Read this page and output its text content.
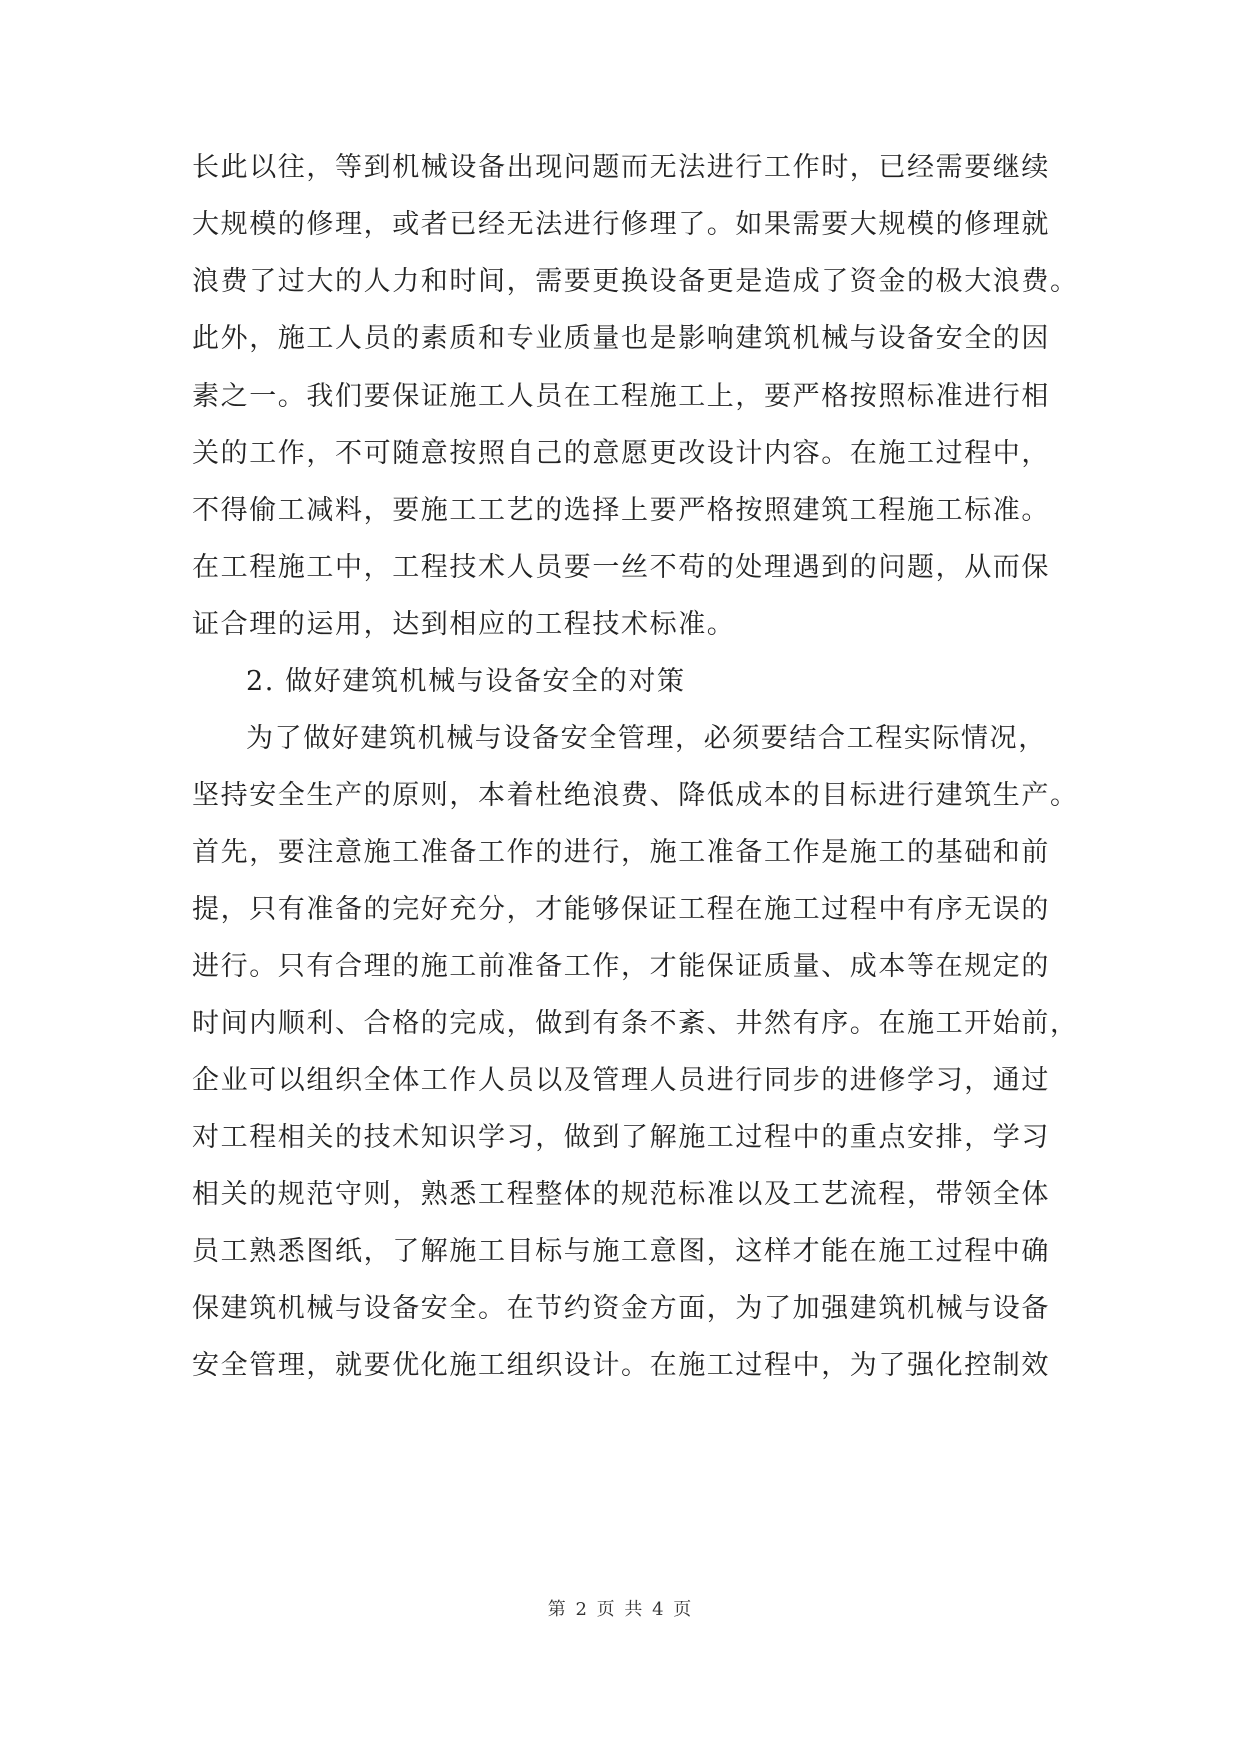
长此以往，等到机械设备出现问题而无法进行工作时，已经需要继续
大规模的修理，或者已经无法进行修理了。如果需要大规模的修理就
浪费了过大的人力和时间，需要更换设备更是造成了资金的极大浪费。
此外，施工人员的素质和专业质量也是影响建筑机械与设备安全的因
素之一。我们要保证施工人员在工程施工上，要严格按照标准进行相
关的工作，不可随意按照自己的意愿更改设计内容。在施工过程中，
不得偷工减料，要施工工艺的选择上要严格按照建筑工程施工标准。
在工程施工中，工程技术人员要一丝不苟的处理遇到的问题，从而保
证合理的运用，达到相应的工程技术标准。
2. 做好建筑机械与设备安全的对策
为了做好建筑机械与设备安全管理，必须要结合工程实际情况，
坚持安全生产的原则，本着杜绝浪费、降低成本的目标进行建筑生产。
首先，要注意施工准备工作的进行，施工准备工作是施工的基础和前
提，只有准备的完好充分，才能够保证工程在施工过程中有序无误的
进行。只有合理的施工前准备工作，才能保证质量、成本等在规定的
时间内顺利、合格的完成，做到有条不紊、井然有序。在施工开始前，
企业可以组织全体工作人员以及管理人员进行同步的进修学习，通过
对工程相关的技术知识学习，做到了解施工过程中的重点安排，学习
相关的规范守则，熟悉工程整体的规范标准以及工艺流程，带领全体
员工熟悉图纸，了解施工目标与施工意图，这样才能在施工过程中确
保建筑机械与设备安全。在节约资金方面，为了加强建筑机械与设备
安全管理，就要优化施工组织设计。在施工过程中，为了强化控制效
第 2 页 共 4 页
